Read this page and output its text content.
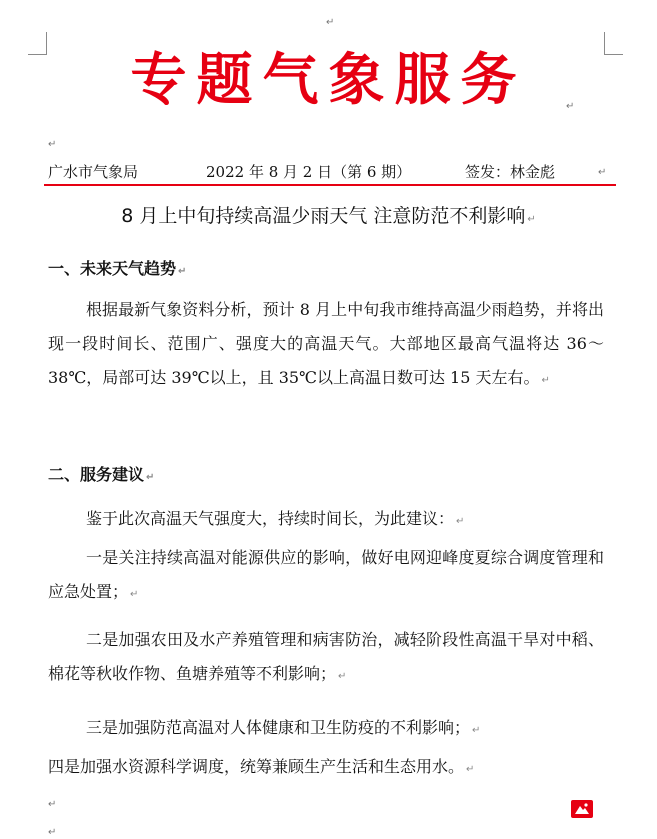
↵
专题气象服务	↵
↵
广水市气象局	2022 年 8 月 2 日（第 6 期）	签发：林金彪	↵
8 月上中旬持续高温少雨天气 注意防范不利影响 ↵
一、未来天气趋势 ↵
根据最新气象资料分析，预计 8 月上中旬我市维持高温少雨趋势，并将出现一段时间长、范围广、强度大的高温天气。大部地区最高气温将达 36～38℃，局部可达 39℃以上，且 35℃以上高温日数可达 15 天左右。 ↵
二、服务建议 ↵
鉴于此次高温天气强度大，持续时间长，为此建议： ↵
一是关注持续高温对能源供应的影响，做好电网迎峰度夏综合调度管理和应急处置； ↵
二是加强农田及水产养殖管理和病害防治，减轻阶段性高温干旱对中稻、棉花等秋收作物、鱼塘养殖等不利影响； ↵
三是加强防范高温对人体健康和卫生防疫的不利影响； ↵
四是加强水资源科学调度，统筹兼顾生产生活和生态用水。 ↵
↵
↵
